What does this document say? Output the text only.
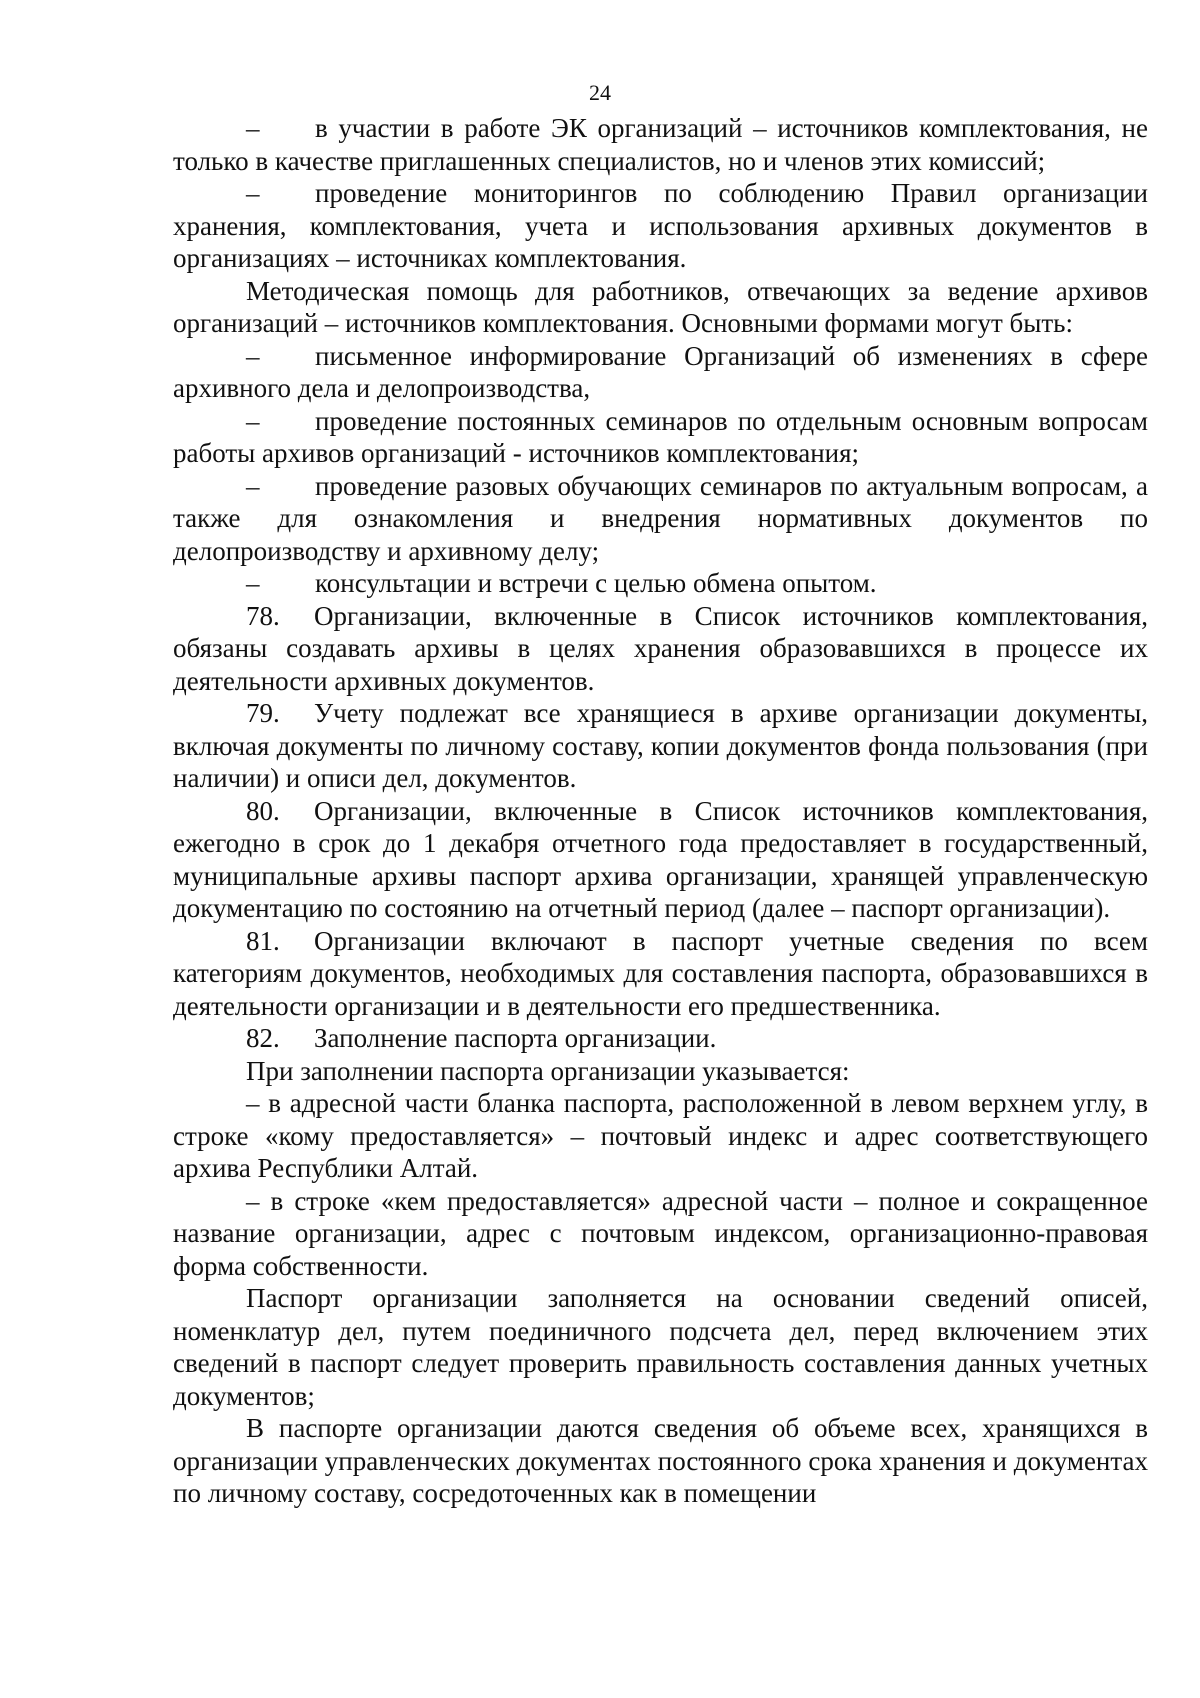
24

– в участии в работе ЭК организаций – источников комплектования, не только в качестве приглашенных специалистов, но и членов этих комиссий;

– проведение мониторингов по соблюдению Правил организации хранения, комплектования, учета и использования архивных документов в организациях – источниках комплектования.

Методическая помощь для работников, отвечающих за ведение архивов организаций – источников комплектования. Основными формами могут быть:

– письменное информирование Организаций об изменениях в сфере архивного дела и делопроизводства,

– проведение постоянных семинаров по отдельным основным вопросам работы архивов организаций - источников комплектования;

– проведение разовых обучающих семинаров по актуальным вопросам, а также для ознакомления и внедрения нормативных документов по делопроизводству и архивному делу;

– консультации и встречи с целью обмена опытом.

78. Организации, включенные в Список источников комплектования, обязаны создавать архивы в целях хранения образовавшихся в процессе их деятельности архивных документов.

79. Учету подлежат все хранящиеся в архиве организации документы, включая документы по личному составу, копии документов фонда пользования (при наличии) и описи дел, документов.

80. Организации, включенные в Список источников комплектования, ежегодно в срок до 1 декабря отчетного года предоставляет в государственный, муниципальные архивы паспорт архива организации, хранящей управленческую документацию по состоянию на отчетный период (далее – паспорт организации).

81. Организации включают в паспорт учетные сведения по всем категориям документов, необходимых для составления паспорта, образовавшихся в деятельности организации и в деятельности его предшественника.

82. Заполнение паспорта организации.

При заполнении паспорта организации указывается:

– в адресной части бланка паспорта, расположенной в левом верхнем углу, в строке «кому предоставляется» – почтовый индекс и адрес соответствующего архива Республики Алтай.

– в строке «кем предоставляется» адресной части – полное и сокращенное название организации, адрес с почтовым индексом, организационно-правовая форма собственности.

Паспорт организации заполняется на основании сведений описей, номенклатур дел, путем поединичного подсчета дел, перед включением этих сведений в паспорт следует проверить правильность составления данных учетных документов;

В паспорте организации даются сведения об объеме всех, хранящихся в организации управленческих документах постоянного срока хранения и документах по личному составу, сосредоточенных как в помещении
